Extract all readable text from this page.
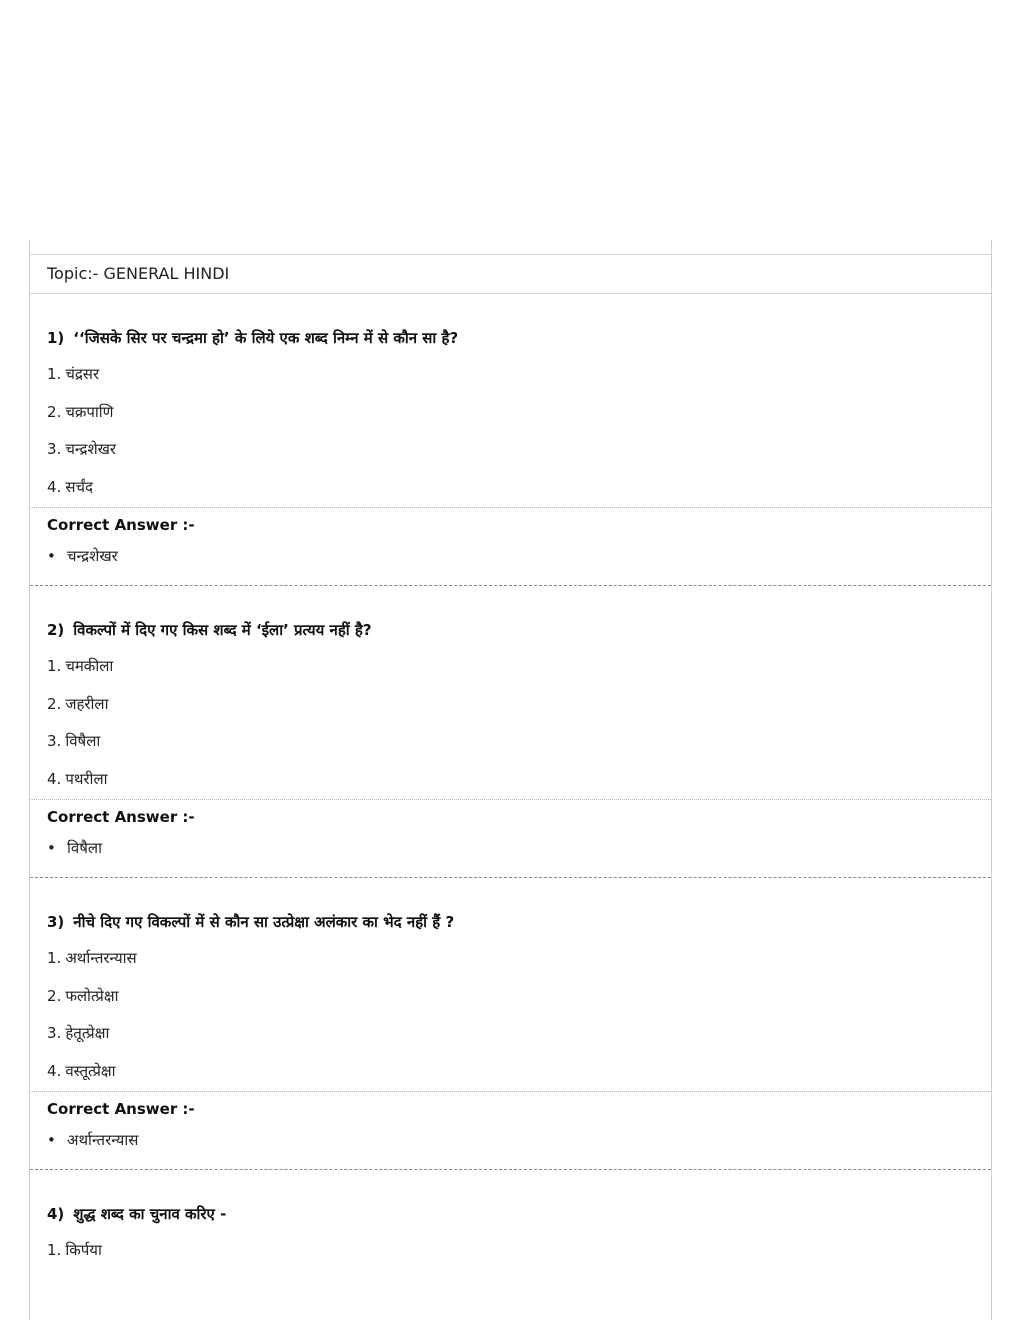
Topic:- GENERAL HINDI
1) ‘‘जिसके सिर पर चन्द्रमा हो’ के लिये एक शब्द निम्न में से कौन सा है?
1. चंद्रसर
2. चक्रपाणि
3. चन्द्रशेखर
4. सर्चंद
Correct Answer :-
• चन्द्रशेखर
2) विकल्पों में दिए गए किस शब्द में ‘ईला’ प्रत्यय नहीं है?
1. चमकीला
2. जहरीला
3. विषैला
4. पथरीला
Correct Answer :-
• विषैला
3) नीचे दिए गए विकल्पों में से कौन सा उत्प्रेक्षा अलंकार का भेद नहीं हैं ?
1. अर्थान्तरन्यास
2. फलोत्प्रेक्षा
3. हेतूत्प्रेक्षा
4. वस्तूत्प्रेक्षा
Correct Answer :-
• अर्थान्तरन्यास
4) शुद्ध शब्द का चुनाव करिए -
1. किर्पया
